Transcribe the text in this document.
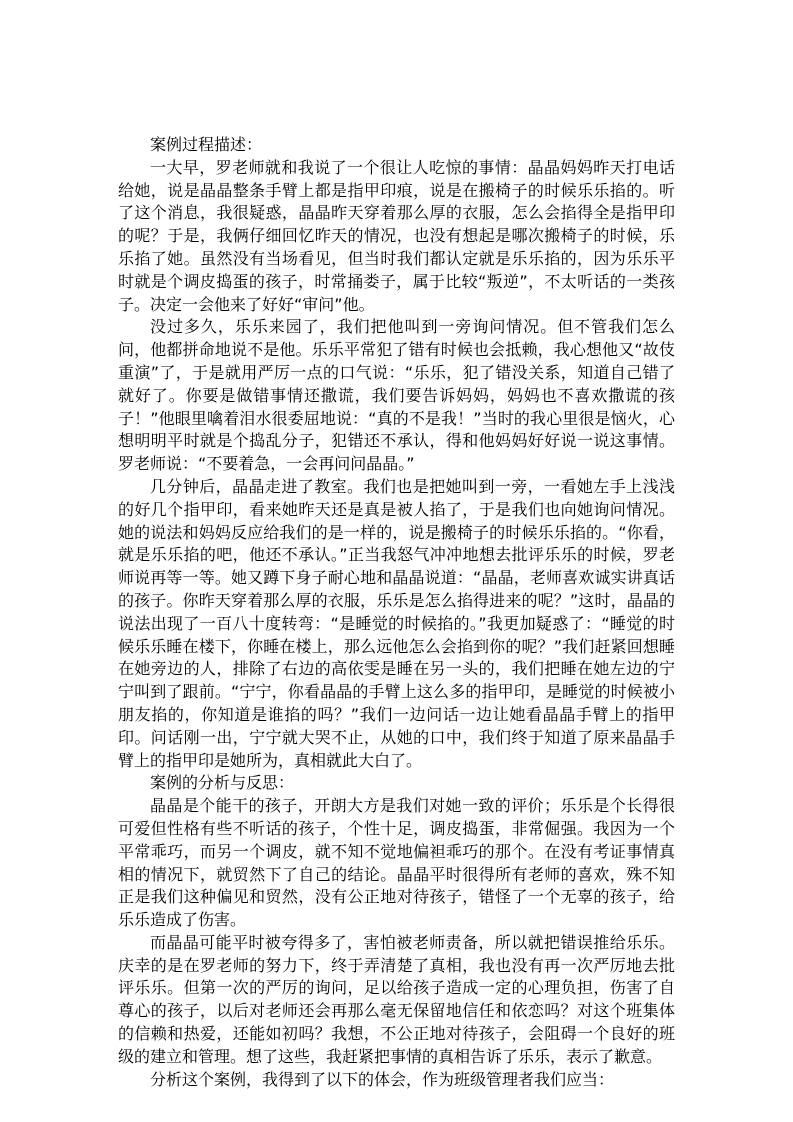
案例过程描述：

一大早，罗老师就和我说了一个很让人吃惊的事情：晶晶妈妈昨天打电话给她，说是晶晶整条手臂上都是指甲印痕，说是在搬椅子的时候乐乐掐的。听了这个消息，我很疑惑，晶晶昨天穿着那么厚的衣服，怎么会掐得全是指甲印的呢？于是，我俩仔细回忆昨天的情况，也没有想起是哪次搬椅子的时候，乐乐掐了她。虽然没有当场看见，但当时我们都认定就是乐乐掐的，因为乐乐平时就是个调皮捣蛋的孩子，时常捅娄子，属于比较“叛逆”，不太听话的一类孩子。决定一会他来了好好“审问”他。

没过多久，乐乐来园了，我们把他叫到一旁询问情况。但不管我们怎么问，他都拼命地说不是他。乐乐平常犯了错有时候也会抵赖，我心想他又“故伎重演”了，于是就用严厉一点的口气说：“乐乐，犯了错没关系，知道自己错了就好了。你要是做错事情还撒谎，我们要告诉妈妈，妈妈也不喜欢撒谎的孩子！”他眼里噙着泪水很委屈地说：“真的不是我！”当时的我心里很是恼火，心想明明平时就是个捣乱分子，犯错还不承认，得和他妈妈好好说一说这事情。罗老师说：“不要着急，一会再问问晶晶。”

几分钟后，晶晶走进了教室。我们也是把她叫到一旁，一看她左手上浅浅的好几个指甲印，看来她昨天还是真是被人掐了，于是我们也向她询问情况。她的说法和妈妈反应给我们的是一样的，说是搬椅子的时候乐乐掐的。“你看，就是乐乐掐的吧，他还不承认。”正当我怒气冲冲地想去批评乐乐的时候，罗老师说再等一等。她又蹲下身子耐心地和晶晶说道：“晶晶，老师喜欢诚实讲真话的孩子。你昨天穿着那么厚的衣服，乐乐是怎么掐得进来的呢？”这时，晶晶的说法出现了一百八十度转弯：“是睡觉的时候掐的。”我更加疑惑了：“睡觉的时候乐乐睡在楼下，你睡在楼上，那么远他怎么会掐到你的呢？”我们赶紧回想睡在她旁边的人，排除了右边的高依雯是睡在另一头的，我们把睡在她左边的宁宁叫到了跟前。“宁宁，你看晶晶的手臂上这么多的指甲印，是睡觉的时候被小朋友掐的，你知道是谁掐的吗？”我们一边问话一边让她看晶晶手臂上的指甲印。问话刚一出，宁宁就大哭不止，从她的口中，我们终于知道了原来晶晶手臂上的指甲印是她所为，真相就此大白了。

案例的分析与反思：

晶晶是个能干的孩子，开朗大方是我们对她一致的评价；乐乐是个长得很可爱但性格有些不听话的孩子，个性十足，调皮捣蛋，非常倔强。我因为一个平常乖巧，而另一个调皮，就不知不觉地偏袒乖巧的那个。在没有考证事情真相的情况下，就贸然下了自己的结论。晶晶平时很得所有老师的喜欢，殊不知正是我们这种偏见和贸然，没有公正地对待孩子，错怪了一个无辜的孩子，给乐乐造成了伤害。

而晶晶可能平时被夸得多了，害怕被老师责备，所以就把错误推给乐乐。庆幸的是在罗老师的努力下，终于弄清楚了真相，我也没有再一次严厉地去批评乐乐。但第一次的严厉的询问，足以给孩子造成一定的心理负担，伤害了自尊心的孩子，以后对老师还会再那么毫无保留地信任和依恋吗？对这个班集体的信赖和热爱，还能如初吗？我想，不公正地对待孩子，会阻碍一个良好的班级的建立和管理。想了这些，我赶紧把事情的真相告诉了乐乐，表示了歉意。

分析这个案例，我得到了以下的体会，作为班级管理者我们应当：
